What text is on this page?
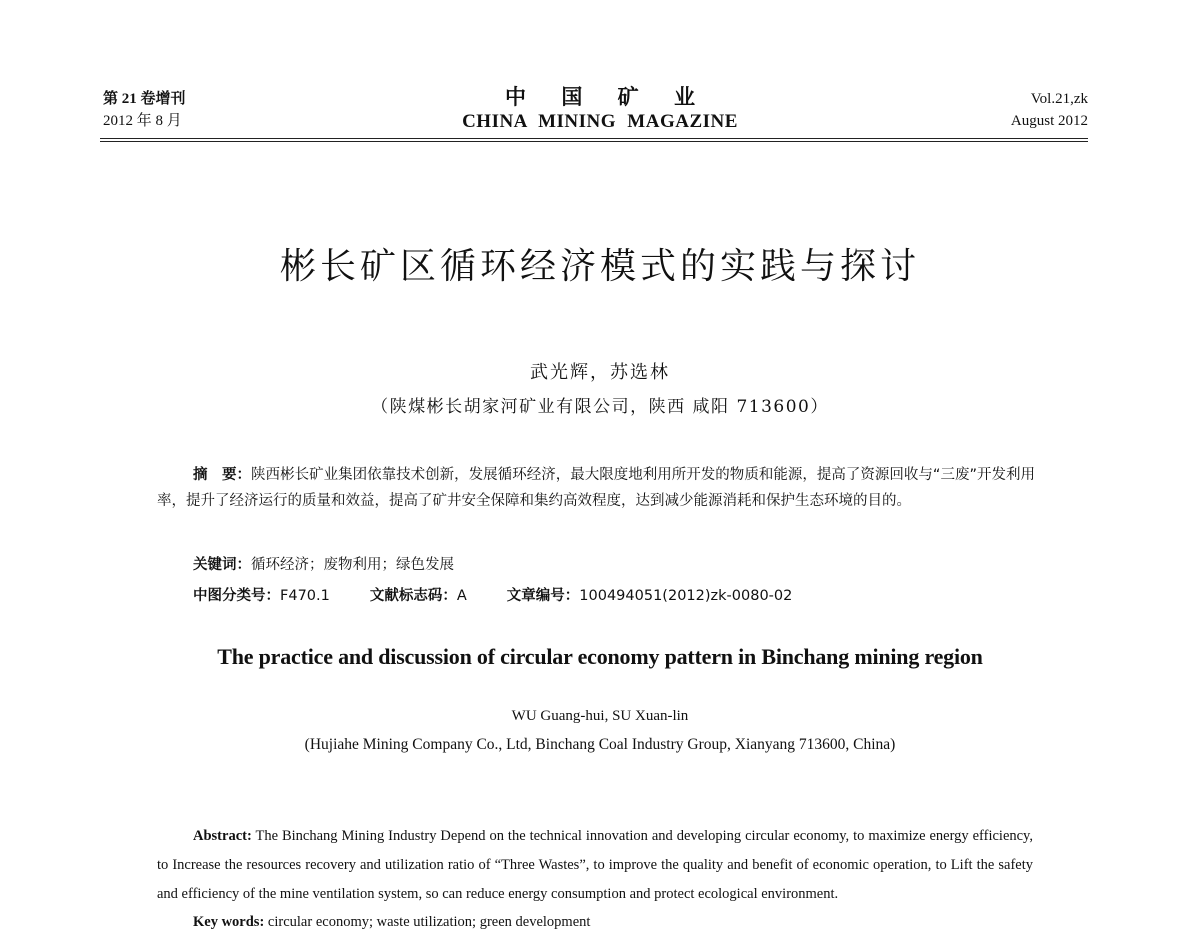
第 21 卷增刊
2012 年 8 月
中 国 矿 业
CHINA MINING MAGAZINE
Vol.21,zk
August 2012
彬长矿区循环经济模式的实践与探讨
武光辉，苏选林
（陕煤彬长胡家河矿业有限公司，陕西 咸阳 713600）
摘　要：陕西彬长矿业集团依靠技术创新，发展循环经济，最大限度地利用所开发的物质和能源，提高了资源回收与“三废”开发利用率，提升了经济运行的质量和效益，提高了矿井安全保障和集约高效程度，达到减少能源消耗和保护生态环境的目的。
关键词：循环经济；废物利用；绿色发展
中图分类号：F470.1	文献标志码：A	文章编号：100494051(2012)zk-0080-02
The practice and discussion of circular economy pattern in Binchang mining region
WU Guang-hui, SU Xuan-lin
(Hujiahe Mining Company Co., Ltd, Binchang Coal Industry Group, Xianyang 713600, China)
Abstract: The Binchang Mining Industry Depend on the technical innovation and developing circular economy, to maximize energy efficiency, to Increase the resources recovery and utilization ratio of “Three Wastes”, to improve the quality and benefit of economic operation, to Lift the safety and efficiency of the mine ventilation system, so can reduce energy consumption and protect ecological environment.
Key words: circular economy; waste utilization; green development
